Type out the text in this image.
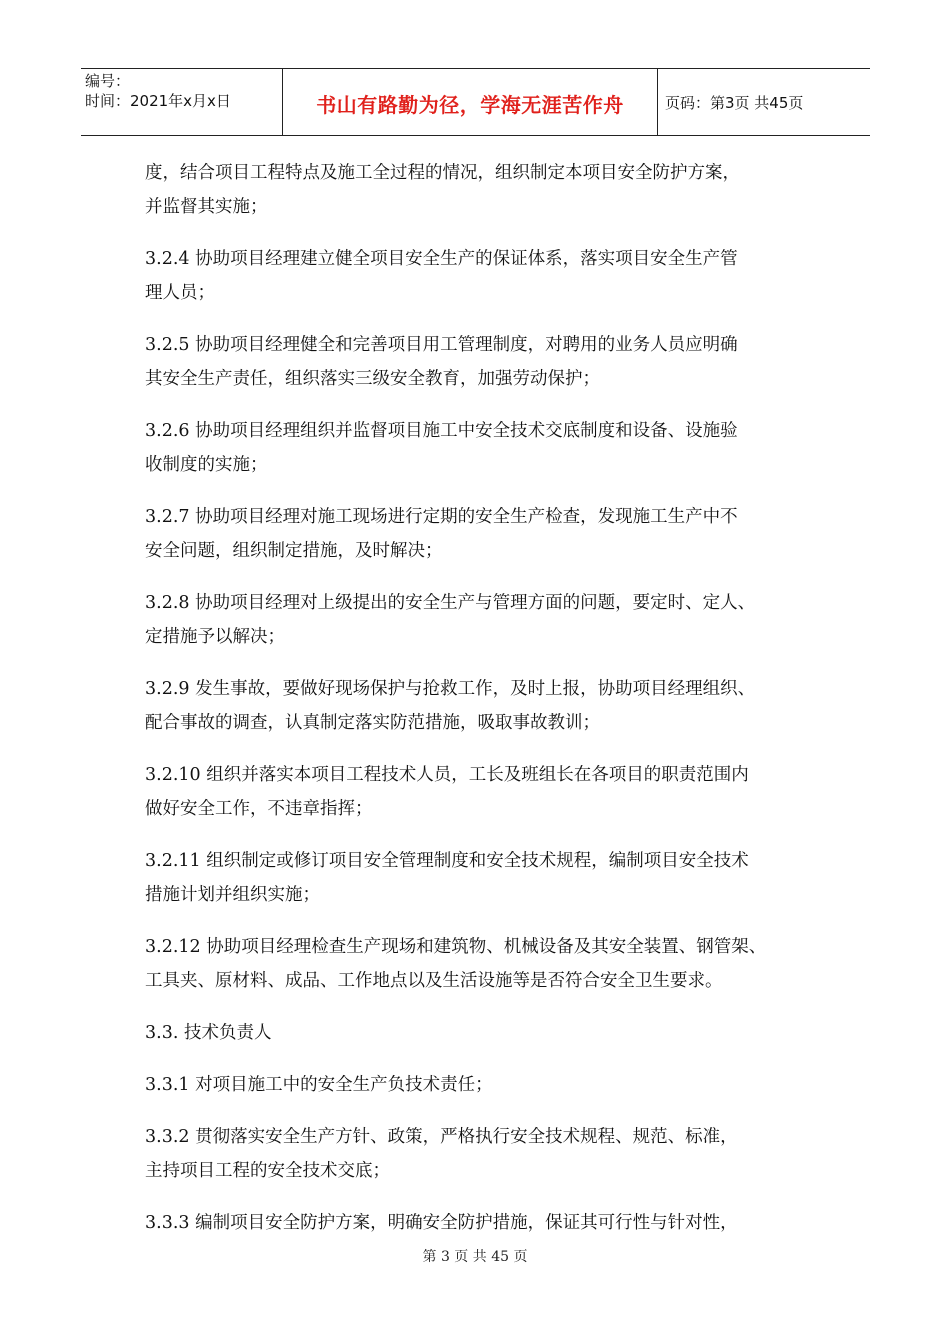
编号：
时间：2021年x月x日	书山有路勤为径，学海无涯苦作舟	页码：第3页 共45页
度，结合项目工程特点及施工全过程的情况，组织制定本项目安全防护方案，
并监督其实施；
3.2.4 协助项目经理建立健全项目安全生产的保证体系，落实项目安全生产管
理人员；
3.2.5 协助项目经理健全和完善项目用工管理制度，对聘用的业务人员应明确
其安全生产责任，组织落实三级安全教育，加强劳动保护；
3.2.6 协助项目经理组织并监督项目施工中安全技术交底制度和设备、设施验
收制度的实施；
3.2.7 协助项目经理对施工现场进行定期的安全生产检查，发现施工生产中不
安全问题，组织制定措施，及时解决；
3.2.8 协助项目经理对上级提出的安全生产与管理方面的问题，要定时、定人、
定措施予以解决；
3.2.9 发生事故，要做好现场保护与抢救工作，及时上报，协助项目经理组织、
配合事故的调查，认真制定落实防范措施，吸取事故教训；
3.2.10 组织并落实本项目工程技术人员，工长及班组长在各项目的职责范围内
做好安全工作，不违章指挥；
3.2.11 组织制定或修订项目安全管理制度和安全技术规程，编制项目安全技术
措施计划并组织实施；
3.2.12 协助项目经理检查生产现场和建筑物、机械设备及其安全装置、钢管架、
工具夹、原材料、成品、工作地点以及生活设施等是否符合安全卫生要求。
3.3. 技术负责人
3.3.1 对项目施工中的安全生产负技术责任；
3.3.2 贯彻落实安全生产方针、政策，严格执行安全技术规程、规范、标准，
主持项目工程的安全技术交底；
3.3.3 编制项目安全防护方案，明确安全防护措施，保证其可行性与针对性，
第 3 页 共 45 页
